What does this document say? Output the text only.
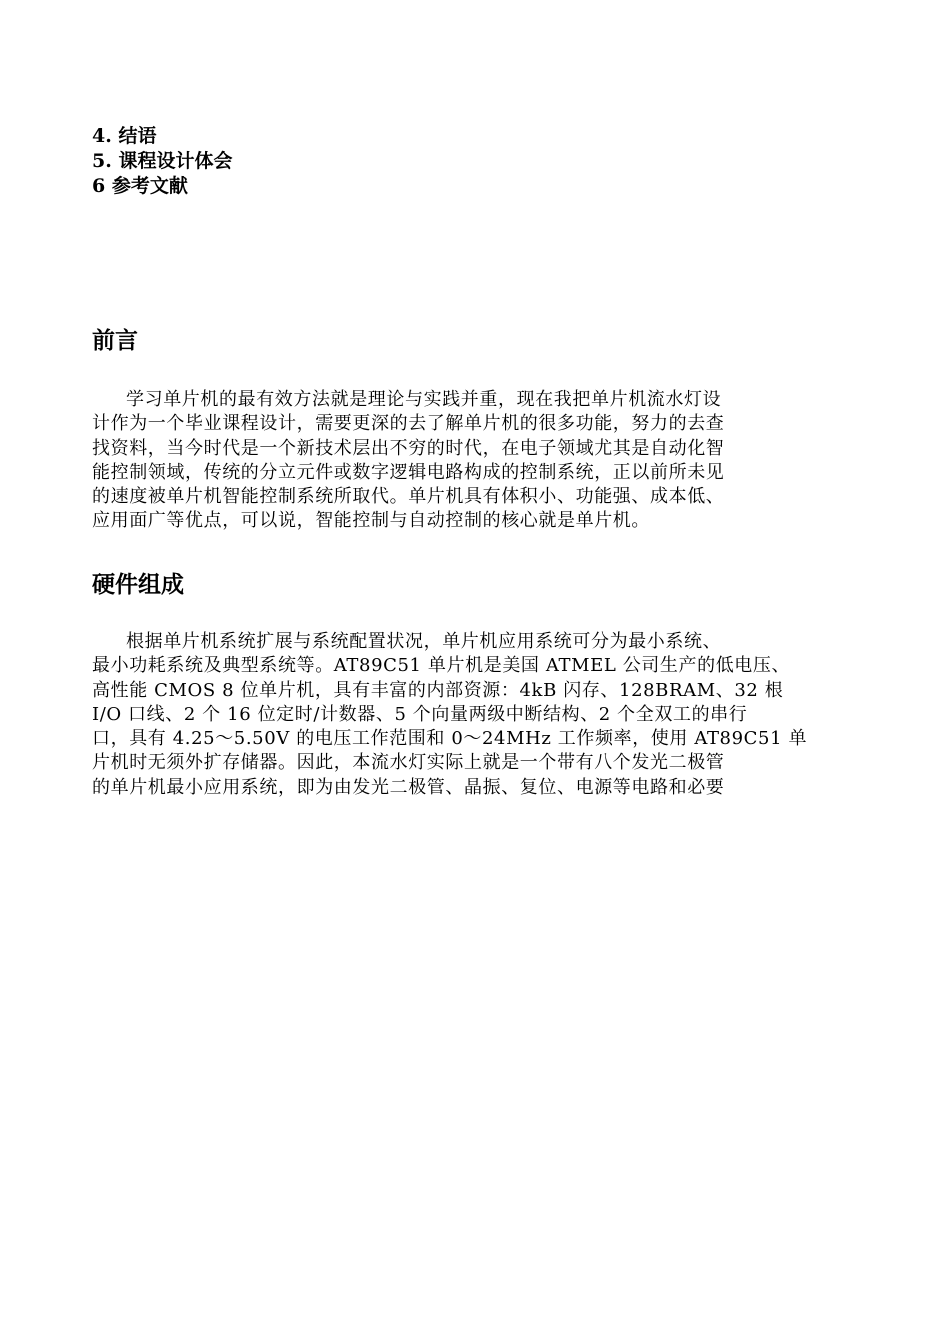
4. 结语
5. 课程设计体会
6 参考文献
前言
学习单片机的最有效方法就是理论与实践并重，现在我把单片机流水灯设
计作为一个毕业课程设计，需要更深的去了解单片机的很多功能，努力的去查
找资料，当今时代是一个新技术层出不穷的时代，在电子领域尤其是自动化智
能控制领域，传统的分立元件或数字逻辑电路构成的控制系统，正以前所未见
的速度被单片机智能控制系统所取代。单片机具有体积小、功能强、成本低、
应用面广等优点，可以说，智能控制与自动控制的核心就是单片机。
硬件组成
根据单片机系统扩展与系统配置状况，单片机应用系统可分为最小系统、
最小功耗系统及典型系统等。AT89C51 单片机是美国 ATMEL 公司生产的低电压、
高性能 CMOS 8 位单片机，具有丰富的内部资源：4kB 闪存、128BRAM、32 根
I/O 口线、2 个 16 位定时/计数器、5 个向量两级中断结构、2 个全双工的串行
口，具有 4.25～5.50V 的电压工作范围和 0～24MHz 工作频率，使用 AT89C51 单
片机时无须外扩存储器。因此，本流水灯实际上就是一个带有八个发光二极管
的单片机最小应用系统，即为由发光二极管、晶振、复位、电源等电路和必要
